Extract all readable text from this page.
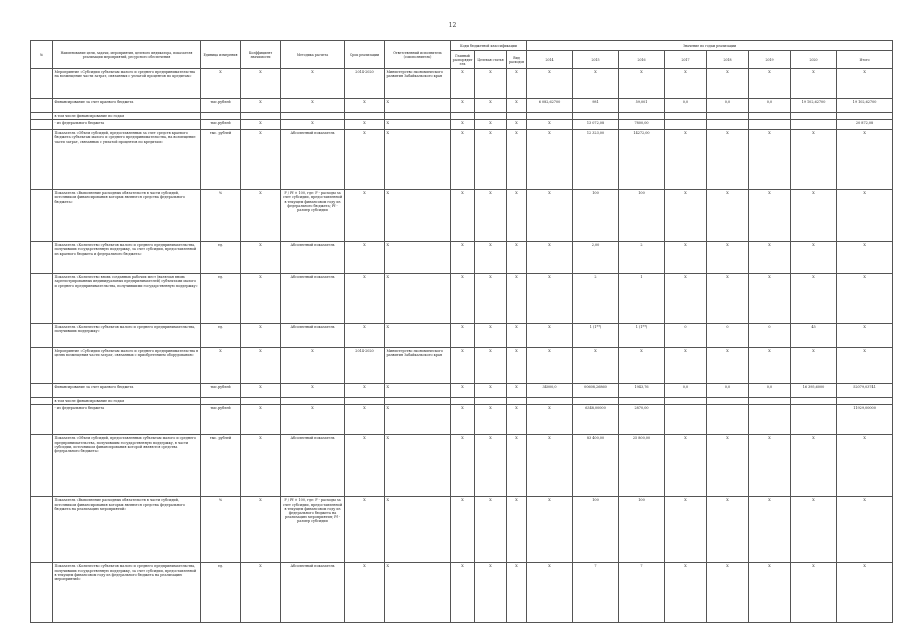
12
№	Наименование цели, задачи, мероприятия, целевого индикатора, показателя реализации мероприятий, ресурсного обеспечения	Единица измерения	Коэффициент значимости	Методика расчета	Срок реализации	Ответственный исполнитель (соисполнитель)	Коды бюджетной классификации			Значение по годам реализации							
							Главный распорядитель	Целевая статья	Вид расходов	2014	2015	2016	2017	2018	2019	2020	Итого
	Мероприятие «Субсидии субъектам малого и среднего предпринимательства на возмещение части затрат, связанных с уплатой процентов по кредитам»	X	X	X	2014-2020	Министерство экономического развития Забайкальского края	X	X	X	X	X	X	X	X	X	X	X
	Финансирование за счет краевого бюджета	тыс.рублей	X	X	X	X	X	X	X	6 082,62700	981	59,001	0,0	0,0	0,0	19 102,62700	19 102,62700
	в том числе финансирование по годам																
	- из федерального бюджета	тыс.рублей	X	X	X	X	X	X	X	X	13 072,08	7800,00					20 872,08
	Показатель «Объем субсидий, предоставленных за счет средств краевого бюджета субъектам малого и среднего предпринимательства, на возмещение части затрат, связанных с уплатой процентов по кредитам»	тыс. рублей	X	Абсолютный показатель	X	X	X	X	X	X	12 323,00	14272,00	X	X	X	X	X
	Показатель «Выполнение расходных обязательств в части субсидий, источником финансирования которых являются средства федерального бюджета»	%	X	F / Pf × 100, где: F - расходы за счет субсидии, предоставленной в текущем финансовом году из федерального бюджета; Pf - размер субсидии	X	X	X	X	X	X	100	100	X	X	X	X	X
	Показатель «Количество субъектов малого и среднего предпринимательства, получивших государственную поддержку, за счет субсидии, предоставленной из краевого бюджета и федерального бюджета»	ед.	X	Абсолютный показатель	X	X	X	X	X	X	2,00	2	X	X	X	X	X
	Показатель «Количество вновь созданных рабочих мест (включая вновь зарегистрированных индивидуальных предпринимателей) субъектами малого и среднего предпринимательства, получившими государственную поддержку»	ед.	X	Абсолютный показатель	X	X	X	X	X	X	2	1	X	X	X	X	X
	Показатель «Количество субъектов малого и среднего предпринимательства, получивших поддержку»	ед.	X	Абсолютный показатель	X	X	X	X	X	X	1 (1**)	1 (1**)	0	0	0	45	X
	Мероприятие «Субсидии субъектам малого и среднего предпринимательства в целях возмещения части затрат, связанных с приобретением оборудования»	X	X	X	2014-2020	Министерство экономического развития Забайкальского края	X	X	X	X	X	X	X	X	X	X	X
	Финансирование за счет краевого бюджета	тыс.рублей	X	X	X	X	X	X	X	34000,0	00608,26860	1943,76	0,0	0,0	0,0	16 395,6000	52079,03741
	в том числе финансирование по годам																
	- из федерального бюджета	тыс.рублей	X	X	X	X	X	X	X	X	6348,00000	2870,00					11929,00000
	Показатель «Объем субсидий, предоставленных субъектам малого и среднего предпринимательства, получившим государственную поддержку, в части субсидии, источником финансирования которой являются средства федерального бюджета»	тыс. рублей	X	Абсолютный показатель	X	X	X	X	X	X	83 400,00	25 800,00	X	X	X	X	X
	Показатель «Выполнение расходных обязательств в части субсидий, источником финансирования которых являются средства федерального бюджета на реализацию мероприятий»	%	X	F / Pf × 100, где: F - расходы за счет субсидии, предоставленной в текущем финансовом году из федерального бюджета на реализацию мероприятия; Pf - размер субсидии	X	X	X	X	X	X	100	100	X	X	X	X	X
	Показатель «Количество субъектов малого и среднего предпринимательства, получивших государственную поддержку, за счет субсидии, предоставленной в текущем финансовом году из федерального бюджета на реализацию мероприятий»	ед.	X	Абсолютный показатель	X	X	X	X	X	X	7	7	X	X	X	X	X
